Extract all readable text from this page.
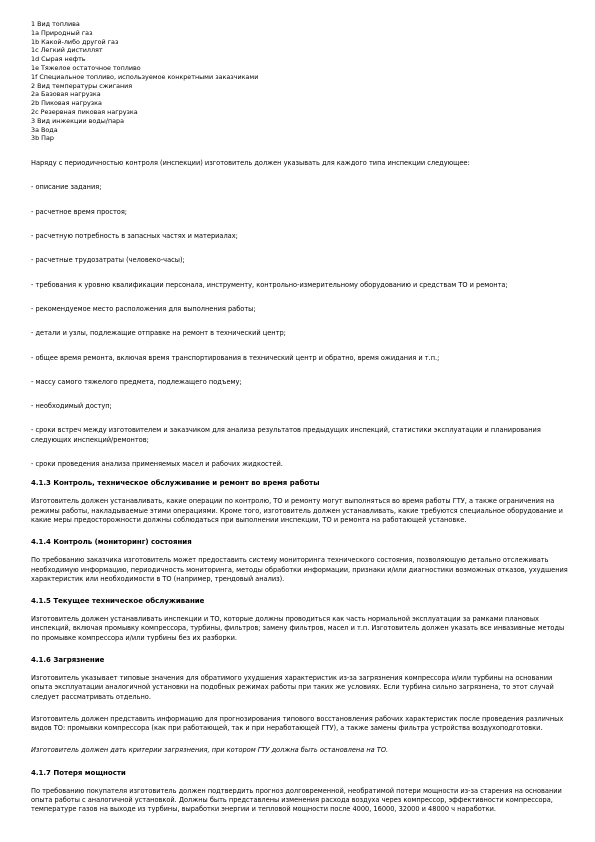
1 Вид топлива
1а Природный газ
1b Какой-либо другой газ
1c Легкий дистиллят
1d Сырая нефть
1e Тяжелое остаточное топливо
1f Специальное топливо, используемое конкретными заказчиками
2 Вид температуры сжигания
2a Базовая нагрузка
2b Пиковая нагрузка
2c Резервная пиковая нагрузка
3 Вид инжекции воды/пара
3a Вода
3b Пар

Наряду с периодичностью контроля (инспекции) изготовитель должен указывать для каждого типа инспекции следующее:

- описание задания;

- расчетное время простоя;

- расчетную потребность в запасных частях и материалах;

- расчетные трудозатраты (человеко-часы);

- требования к уровню квалификации персонала, инструменту, контрольно-измерительному оборудованию и средствам ТО и ремонта;

- рекомендуемое место расположения для выполнения работы;

- детали и узлы, подлежащие отправке на ремонт в технический центр;

- общее время ремонта, включая время транспортирования в технический центр и обратно, время ожидания и т.п.;

- массу самого тяжелого предмета, подлежащего подъему;

- необходимый доступ;

- сроки встреч между изготовителем и заказчиком для анализа результатов предыдущих инспекций, статистики эксплуатации и планирования следующих инспекций/ремонтов;

- сроки проведения анализа применяемых масел и рабочих жидкостей.

4.1.3 Контроль, техническое обслуживание и ремонт во время работы

Изготовитель должен устанавливать, какие операции по контролю, ТО и ремонту могут выполняться во время работы ГТУ, а также ограничения на режимы работы, накладываемые этими операциями. Кроме того, изготовитель должен устанавливать, какие требуются специальное оборудование и какие меры предосторожности должны соблюдаться при выполнении инспекции, ТО и ремонта на работающей установке.

4.1.4 Контроль (мониторинг) состояния

По требованию заказчика изготовитель может предоставить систему мониторинга технического состояния, позволяющую детально отслеживать необходимую информацию, периодичность мониторинга, методы обработки информации, признаки и/или диагностики возможных отказов, ухудшения характеристик или необходимости в ТО (например, трендовый анализ).

4.1.5 Текущее техническое обслуживание

Изготовитель должен устанавливать инспекции и ТО, которые должны проводиться как часть нормальной эксплуатации за рамками плановых инспекций, включая промывку компрессора, турбины, фильтров; замену фильтров, масел и т.п. Изготовитель должен указать все инвазивные методы по промывке компрессора и/или турбины без их разборки.

4.1.6 Загрязнение

Изготовитель указывает типовые значения для обратимого ухудшения характеристик из-за загрязнения компрессора и/или турбины на основании опыта эксплуатации аналогичной установки на подобных режимах работы при таких же условиях. Если турбина сильно загрязнена, то этот случай следует рассматривать отдельно.

Изготовитель должен представить информацию для прогнозирования типового восстановления рабочих характеристик после проведения различных видов ТО: промывки компрессора (как при работающей, так и при неработающей ГТУ), а также замены фильтра устройства воздухоподготовки.

Изготовитель должен дать критерии загрязнения, при котором ГТУ должна быть остановлена на ТО.

4.1.7 Потеря мощности

По требованию покупателя изготовитель должен подтвердить прогноз долговременной, необратимой потери мощности из-за старения на основании опыта работы с аналогичной установкой. Должны быть представлены изменения расхода воздуха через компрессор, эффективности компрессора, температуре газов на выходе из турбины, выработки энергии и тепловой мощности после 4000, 16000, 32000 и 48000 ч наработки.
